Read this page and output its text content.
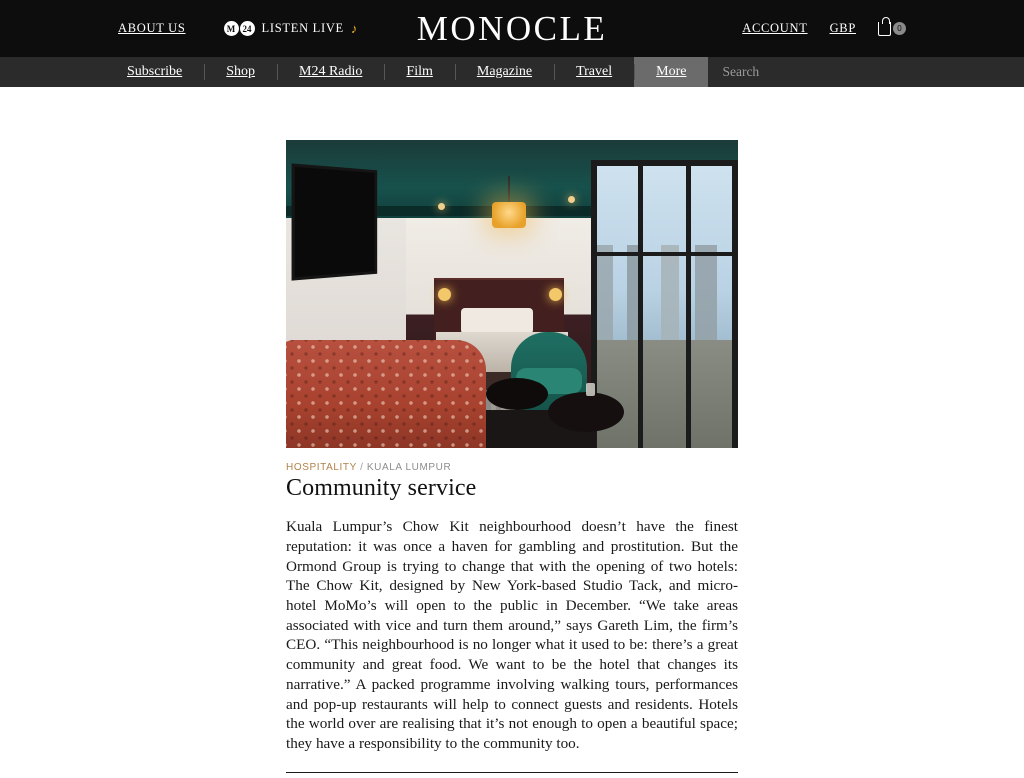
ABOUT US	M 24 LISTEN LIVE ♪	MONOCLE	ACCOUNT GBP	0
Subscribe	Shop	M24 Radio	Film	Magazine	Travel	More
Search
HOSPITALITY / KUALA LUMPUR
Community service

Kuala Lumpur’s Chow Kit neighbourhood doesn’t have the finest reputation: it was once a haven for gambling and prostitution. But the Ormond Group is trying to change that with the opening of two hotels: The Chow Kit, designed by New York-based Studio Tack, and micro-hotel MoMo’s will open to the public in December. “We take areas associated with vice and turn them around,” says Gareth Lim, the firm’s CEO. “This neighbourhood is no longer what it used to be: there’s a great community and great food. We want to be the hotel that changes its narrative.” A packed programme involving walking tours, performances and pop-up restaurants will help to connect guests and residents. Hotels the world over are realising that it’s not enough to open a beautiful space; they have a responsibility to the community too.
